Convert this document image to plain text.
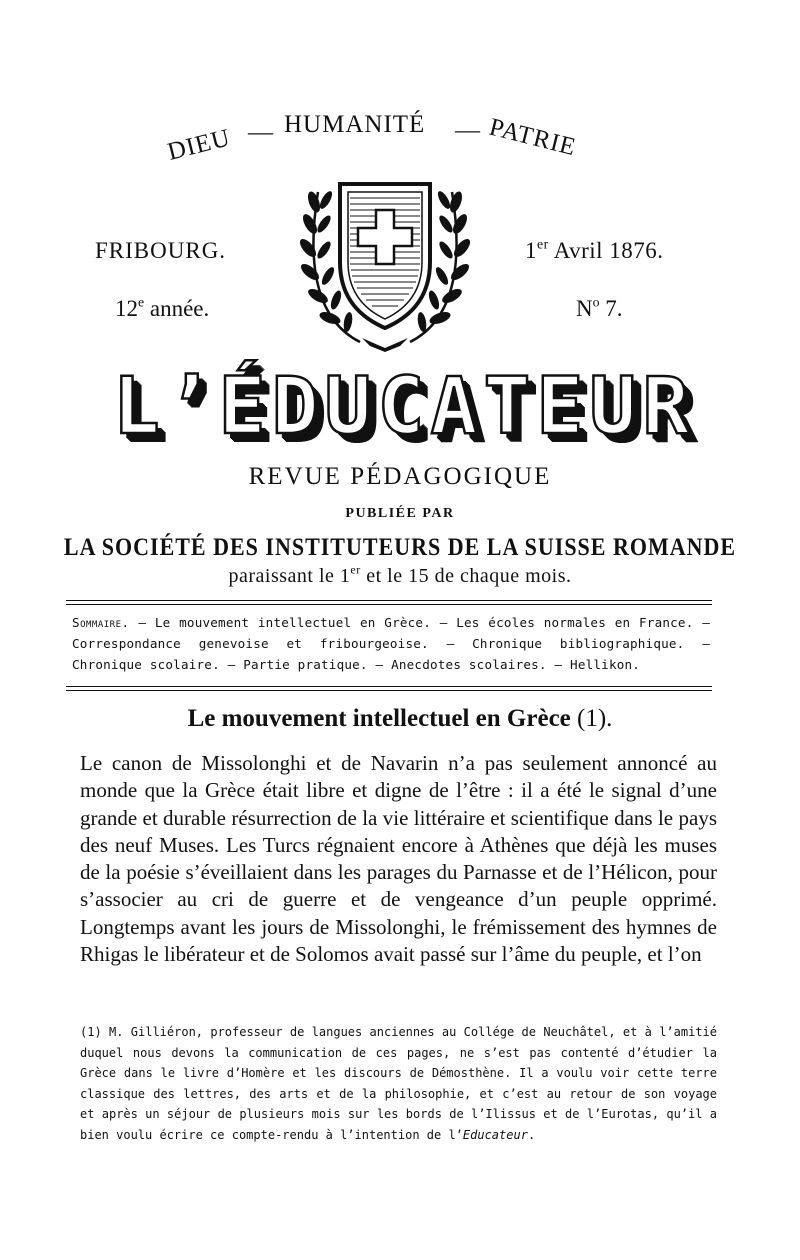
DIEU — HUMANITÉ — PATRIE
FRIBOURG.	1er Avril 1876.
12e année.	$N^o$ 7.
L’ÉDUCATEUR
REVUE PÉDAGOGIQUE
PUBLIÉE PAR
LA SOCIÉTÉ DES INSTITUTEURS DE LA SUISSE ROMANDE
paraissant le 1er et le 15 de chaque mois.
Sommaire. — Le mouvement intellectuel en Grèce. — Les écoles normales en France. — Correspondance genevoise et fribourgeoise. — Chronique bibliographique. — Chronique scolaire. — Partie pratique. — Anecdotes scolaires. — Hellikon.
Le mouvement intellectuel en Grèce (1).

Le canon de Missolonghi et de Navarin n’a pas seulement annoncé au monde que la Grèce était libre et digne de l’être : il a été le signal d’une grande et durable résurrection de la vie littéraire et scientifique dans le pays des neuf Muses. Les Turcs régnaient encore à Athènes que déjà les muses de la poésie s’éveillaient dans les parages du Parnasse et de l’Hélicon, pour s’associer au cri de guerre et de vengeance d’un peuple opprimé. Longtemps avant les jours de Missolonghi, le frémissement des hymnes de Rhigas le libérateur et de Solomos avait passé sur l’âme du peuple, et l’on

(1) M. Gilliéron, professeur de langues anciennes au Collége de Neuchâtel, et à l’amitié duquel nous devons la communication de ces pages, ne s’est pas contenté d’étudier la Grèce dans le livre d’Homère et les discours de Démosthène. Il a voulu voir cette terre classique des lettres, des arts et de la philosophie, et c’est au retour de son voyage et après un séjour de plusieurs mois sur les bords de l’Ilissus et de l’Eurotas, qu’il a bien voulu écrire ce compte-rendu à l’intention de l’Educateur.
